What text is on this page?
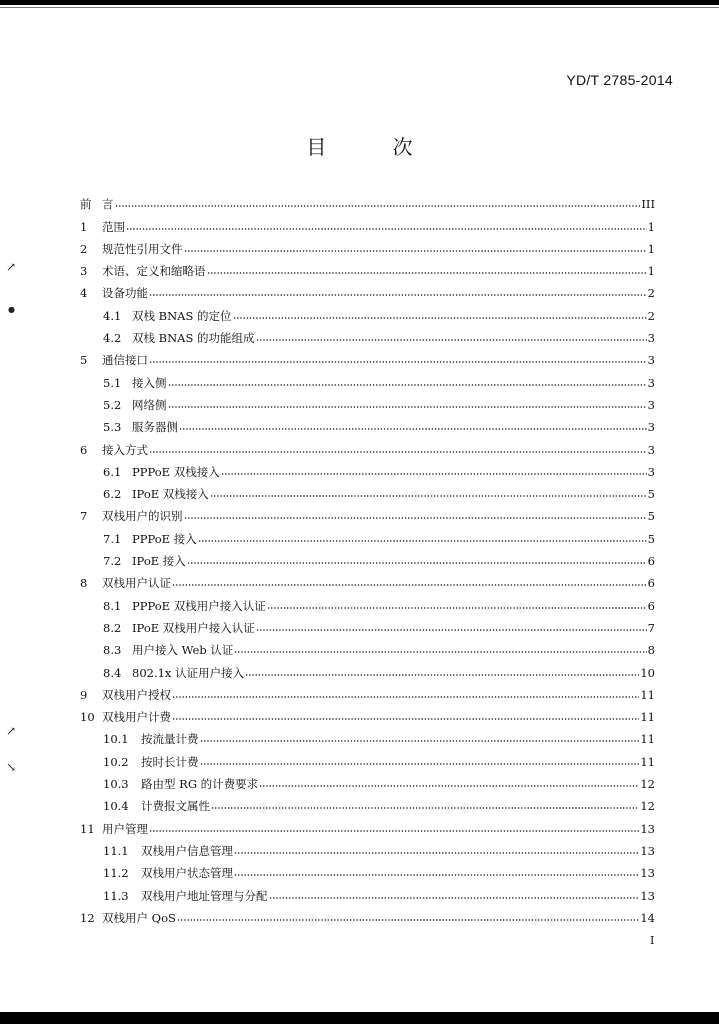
YD/T 2785-2014
目 次
前 言	III
1	范围	1
2	规范性引用文件	1
3	术语、定义和缩略语	1
4	设备功能	2
4.1 双栈 BNAS 的定位	2
4.2 双栈 BNAS 的功能组成	3
5	通信接口	3
5.1 接入侧	3
5.2 网络侧	3
5.3 服务器侧	3
6	接入方式	3
6.1 PPPoE 双栈接入	3
6.2 IPoE 双栈接入	5
7	双栈用户的识别	5
7.1 PPPoE 接入	5
7.2 IPoE 接入	6
8	双栈用户认证	6
8.1 PPPoE 双栈用户接入认证	6
8.2 IPoE 双栈用户接入认证	7
8.3 用户接入 Web 认证	8
8.4 802.1x 认证用户接入	10
9	双栈用户授权	11
10 双栈用户计费	11
10.1	按流量计费	11
10.2	按时长计费	11
10.3	路由型 RG 的计费要求	12
10.4	计费报文属性	12
11 用户管理	13
11.1	双栈用户信息管理	13
11.2	双栈用户状态管理	13
11.3	双栈用户地址管理与分配	13
12 双栈用户 QoS	14
I
↗
●
↗
↘
